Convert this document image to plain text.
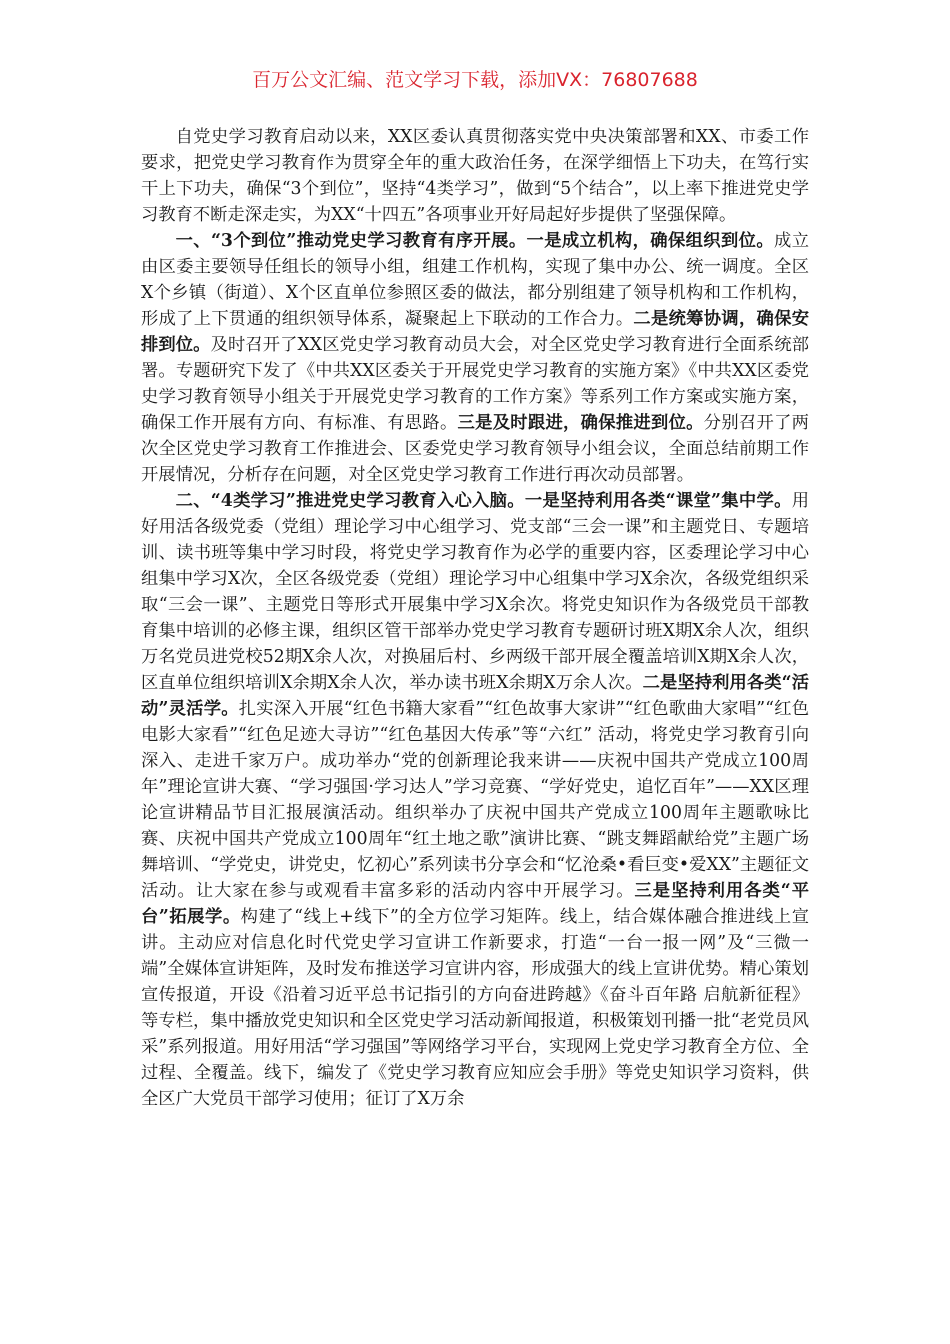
百万公文汇编、范文学习下载，添加VX：76807688

自党史学习教育启动以来，XX区委认真贯彻落实党中央决策部署和XX、市委工作要求，把党史学习教育作为贯穿全年的重大政治任务，在深学细悟上下功夫，在笃行实干上下功夫，确保“3个到位”，坚持“4类学习”，做到“5个结合”，以上率下推进党史学习教育不断走深走实，为XX“十四五”各项事业开好局起好步提供了坚强保障。

一、“3个到位”推动党史学习教育有序开展。一是成立机构，确保组织到位。成立由区委主要领导任组长的领导小组，组建工作机构，实现了集中办公、统一调度。全区X个乡镇（街道）、X个区直单位参照区委的做法，都分别组建了领导机构和工作机构，形成了上下贯通的组织领导体系，凝聚起上下联动的工作合力。二是统筹协调，确保安排到位。及时召开了XX区党史学习教育动员大会，对全区党史学习教育进行全面系统部署。专题研究下发了《中共XX区委关于开展党史学习教育的实施方案》《中共XX区委党史学习教育领导小组关于开展党史学习教育的工作方案》等系列工作方案或实施方案，确保工作开展有方向、有标准、有思路。三是及时跟进，确保推进到位。分别召开了两次全区党史学习教育工作推进会、区委党史学习教育领导小组会议，全面总结前期工作开展情况，分析存在问题，对全区党史学习教育工作进行再次动员部署。

二、“4类学习”推进党史学习教育入心入脑。一是坚持利用各类“课堂”集中学。用好用活各级党委（党组）理论学习中心组学习、党支部“三会一课”和主题党日、专题培训、读书班等集中学习时段，将党史学习教育作为必学的重要内容，区委理论学习中心组集中学习X次，全区各级党委（党组）理论学习中心组集中学习X余次，各级党组织采取“三会一课”、主题党日等形式开展集中学习X余次。将党史知识作为各级党员干部教育集中培训的必修主课，组织区管干部举办党史学习教育专题研讨班X期X余人次，组织万名党员进党校52期X余人次，对换届后村、乡两级干部开展全覆盖培训X期X余人次，区直单位组织培训X余期X余人次，举办读书班X余期X万余人次。二是坚持利用各类“活动”灵活学。扎实深入开展“红色书籍大家看”“红色故事大家讲”“红色歌曲大家唱”“红色电影大家看”“红色足迹大寻访”“红色基因大传承”等“六红” 活动，将党史学习教育引向深入、走进千家万户。成功举办“党的创新理论我来讲——庆祝中国共产党成立100周年”理论宣讲大赛、“学习强国·学习达人”学习竞赛、“学好党史，追忆百年”——XX区理论宣讲精品节目汇报展演活动。组织举办了庆祝中国共产党成立100周年主题歌咏比赛、庆祝中国共产党成立100周年“红土地之歌”演讲比赛、“跳支舞蹈献给党”主题广场舞培训、“学党史，讲党史，忆初心”系列读书分享会和“忆沧桑•看巨变•爱XX”主题征文活动。让大家在参与或观看丰富多彩的活动内容中开展学习。三是坚持利用各类“平台”拓展学。构建了“线上+线下”的全方位学习矩阵。线上，结合媒体融合推进线上宣讲。主动应对信息化时代党史学习宣讲工作新要求，打造“一台一报一网”及“三微一端”全媒体宣讲矩阵，及时发布推送学习宣讲内容，形成强大的线上宣讲优势。精心策划宣传报道，开设《沿着习近平总书记指引的方向奋进跨越》《奋斗百年路 启航新征程》等专栏，集中播放党史知识和全区党史学习活动新闻报道，积极策划刊播一批“老党员风采”系列报道。用好用活“学习强国”等网络学习平台，实现网上党史学习教育全方位、全过程、全覆盖。线下，编发了《党史学习教育应知应会手册》等党史知识学习资料，供全区广大党员干部学习使用；征订了X万余
